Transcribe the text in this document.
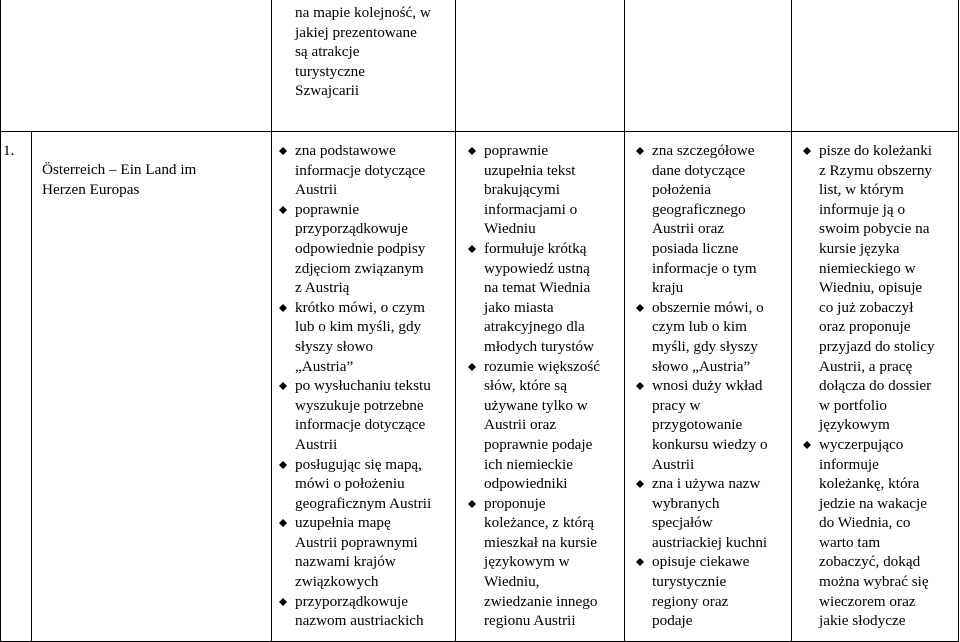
na mapie kolejność, w
jakiej prezentowane
są atrakcje
turystyczne
Szwajcarii
1.
Österreich – Ein Land im
Herzen Europas
zna podstawowe
informacje dotyczące
Austrii
poprawnie
przyporządkowuje
odpowiednie podpisy
zdjęciom związanym
z Austrią
krótko mówi, o czym
lub o kim myśli, gdy
słyszy słowo
„Austria”
po wysłuchaniu tekstu
wyszukuje potrzebne
informacje dotyczące
Austrii
posługując się mapą,
mówi o położeniu
geograficznym Austrii
uzupełnia mapę
Austrii poprawnymi
nazwami krajów
związkowych
przyporządkowuje
nazwom austriackich
poprawnie
uzupełnia tekst
brakującymi
informacjami o
Wiedniu
formułuje krótką
wypowiedź ustną
na temat Wiednia
jako miasta
atrakcyjnego dla
młodych turystów
rozumie większość
słów, które są
używane tylko w
Austrii oraz
poprawnie podaje
ich niemieckie
odpowiedniki
proponuje
koleżance, z którą
mieszkał na kursie
językowym w
Wiedniu,
zwiedzanie innego
regionu Austrii
zna szczegółowe
dane dotyczące
położenia
geograficznego
Austrii oraz
posiada liczne
informacje o tym
kraju
obszernie mówi, o
czym lub o kim
myśli, gdy słyszy
słowo „Austria”
wnosi duży wkład
pracy w
przygotowanie
konkursu wiedzy o
Austrii
zna i używa nazw
wybranych
specjałów
austriackiej kuchni
opisuje ciekawe
turystycznie
regiony oraz
podaje
pisze do koleżanki
z Rzymu obszerny
list, w którym
informuje ją o
swoim pobycie na
kursie języka
niemieckiego w
Wiedniu, opisuje
co już zobaczył
oraz proponuje
przyjazd do stolicy
Austrii, a pracę
dołącza do dossier
w portfolio
językowym
wyczerpująco
informuje
koleżankę, która
jedzie na wakacje
do Wiednia, co
warto tam
zobaczyć, dokąd
można wybrać się
wieczorem oraz
jakie słodycze
